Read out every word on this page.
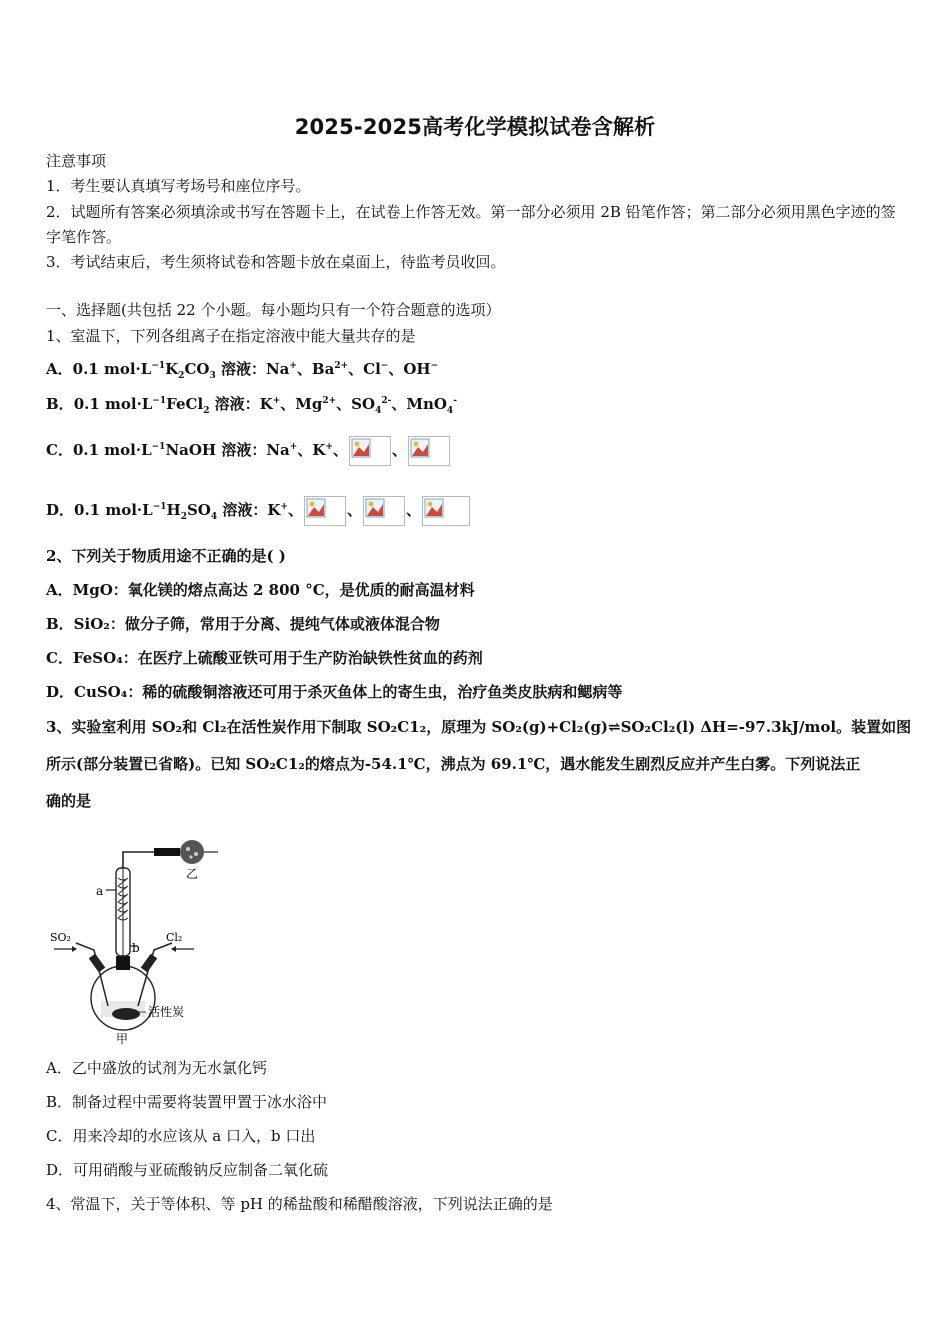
2025-2025高考化学模拟试卷含解析
注意事项
1．考生要认真填写考场号和座位序号。
2．试题所有答案必须填涂或书写在答题卡上，在试卷上作答无效。第一部分必须用 2B 铅笔作答；第二部分必须用黑色字迹的签字笔作答。
3．考试结束后，考生须将试卷和答题卡放在桌面上，待监考员收回。
一、选择题(共包括 22 个小题。每小题均只有一个符合题意的选项）
1、室温下，下列各组离子在指定溶液中能大量共存的是
A．0.1 $mol\cdot L^{-1}K_2CO_3$ 溶液：Na+、$Ba^{2+}$、Cl−、OH−
B．0.1 $mol\cdot L^{-1}FeCl_2$ 溶液：K+、$Mg^{2+}$、$SO_4^{2-}$、MnO$_4$-
C．0.1 $mol\cdot L^{-1}NaOH$ 溶液：Na+、K+、	、
D．0.1 $mol\cdot L^{-1}H_2SO_4$ 溶液：K+、	、	、
2、下列关于物质用途不正确的是( )
A．MgO：氧化镁的熔点高达 2 800 °C，是优质的耐高温材料
B．SiO₂：做分子筛，常用于分离、提纯气体或液体混合物
C．FeSO₄：在医疗上硫酸亚铁可用于生产防治缺铁性贫血的药剂
D．CuSO₄：稀的硫酸铜溶液还可用于杀灭鱼体上的寄生虫，治疗鱼类皮肤病和鳃病等
3、实验室利用 SO₂和 Cl₂在活性炭作用下制取 SO₂C1₂，原理为 SO₂(g)+Cl₂(g)⇌SO₂Cl₂(l) ΔH=-97.3kJ/mol。装置如图
所示(部分装置已省略)。已知 SO₂C1₂的熔点为-54.1℃，沸点为 69.1℃，遇水能发生剧烈反应并产生白雾。下列说法正
确的是
乙
a
b
SO₂	Cl₂
活性炭
甲
A．乙中盛放的试剂为无水氯化钙
B．制备过程中需要将装置甲置于冰水浴中
C．用来冷却的水应该从 a 口入，b 口出
D．可用硝酸与亚硫酸钠反应制备二氧化硫
4、常温下，关于等体积、等 pH 的稀盐酸和稀醋酸溶液，下列说法正确的是
